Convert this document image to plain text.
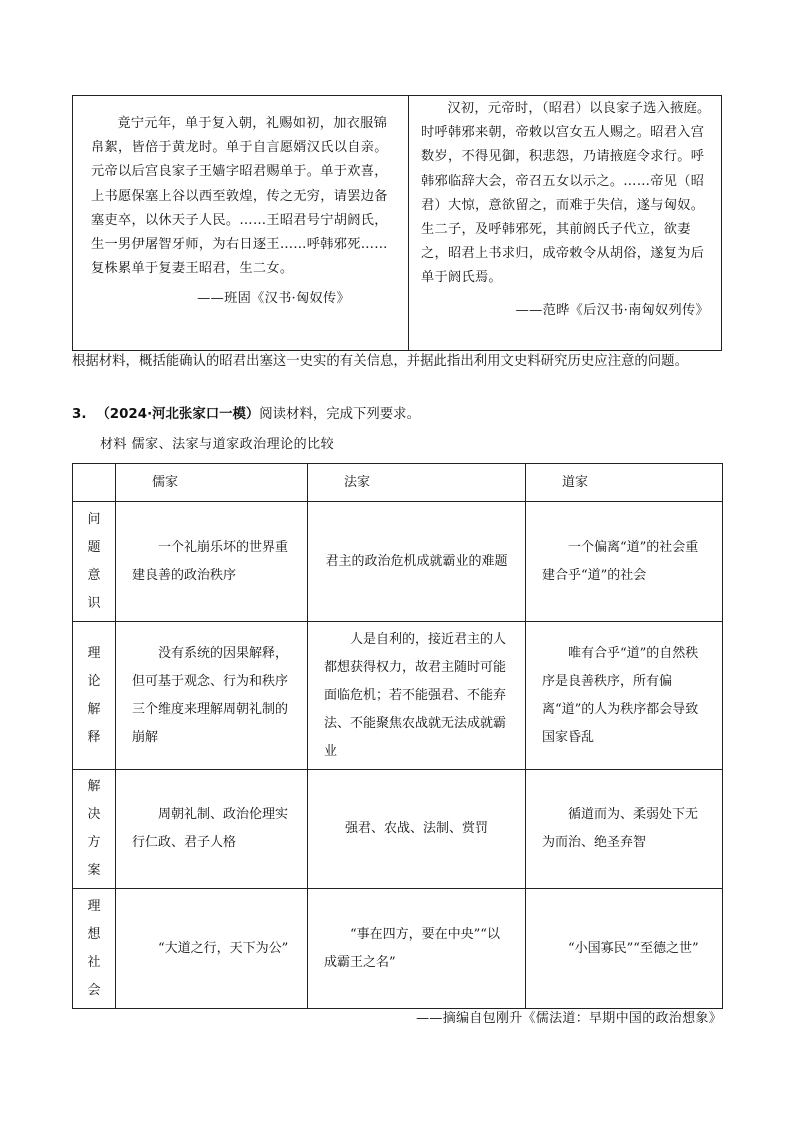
竟宁元年，单于复入朝，礼赐如初，加衣服锦帛絮，皆倍于黄龙时。单于自言愿婿汉氏以自亲。元帝以后宫良家子王嫱字昭君赐单于。单于欢喜，上书愿保塞上谷以西至敦煌，传之无穷，请罢边备塞吏卒，以休天子人民。……王昭君号宁胡阏氏，生一男伊屠智牙师，为右日逐王……呼韩邪死……复株累单于复妻王昭君，生二女。

——班固《汉书·匈奴传》

汉初，元帝时，（昭君）以良家子选入掖庭。时呼韩邪来朝，帝敕以宫女五人赐之。昭君入宫数岁，不得见御，积悲怨，乃请掖庭令求行。呼韩邪临辞大会，帝召五女以示之。……帝见（昭君）大惊，意欲留之，而难于失信，遂与匈奴。生二子，及呼韩邪死，其前阏氏子代立，欲妻之，昭君上书求归，成帝敕令从胡俗，遂复为后单于阏氏焉。

——范晔《后汉书·南匈奴列传》

根据材料，概括能确认的昭君出塞这一史实的有关信息，并据此指出利用文史料研究历史应注意的问题。
3. （2024·河北张家口一模）阅读材料，完成下列要求。
材料 儒家、法家与道家政治理论的比较
	儒家	法家	道家

问
题
意
识	一个礼崩乐坏的世界重建良善的政治秩序	君主的政治危机成就霸业的难题	一个偏离“道”的社会重建合乎“道”的社会

理
论
解
释	没有系统的因果解释，但可基于观念、行为和秩序三个维度来理解周朝礼制的崩解	人是自利的，接近君主的人都想获得权力，故君主随时可能面临危机；若不能强君、不能弃法、不能聚焦农战就无法成就霸业	唯有合乎“道”的自然秩序是良善秩序，所有偏离“道”的人为秩序都会导致国家昏乱

解
决
方
案	周朝礼制、政治伦理实行仁政、君子人格	强君、农战、法制、赏罚	循道而为、柔弱处下无为而治、绝圣弃智

理
想
社
会	“大道之行，天下为公”	“事在四方，要在中央”“以成霸王之名”	“小国寡民”“至德之世”
——摘编自包刚升《儒法道：早期中国的政治想象》
